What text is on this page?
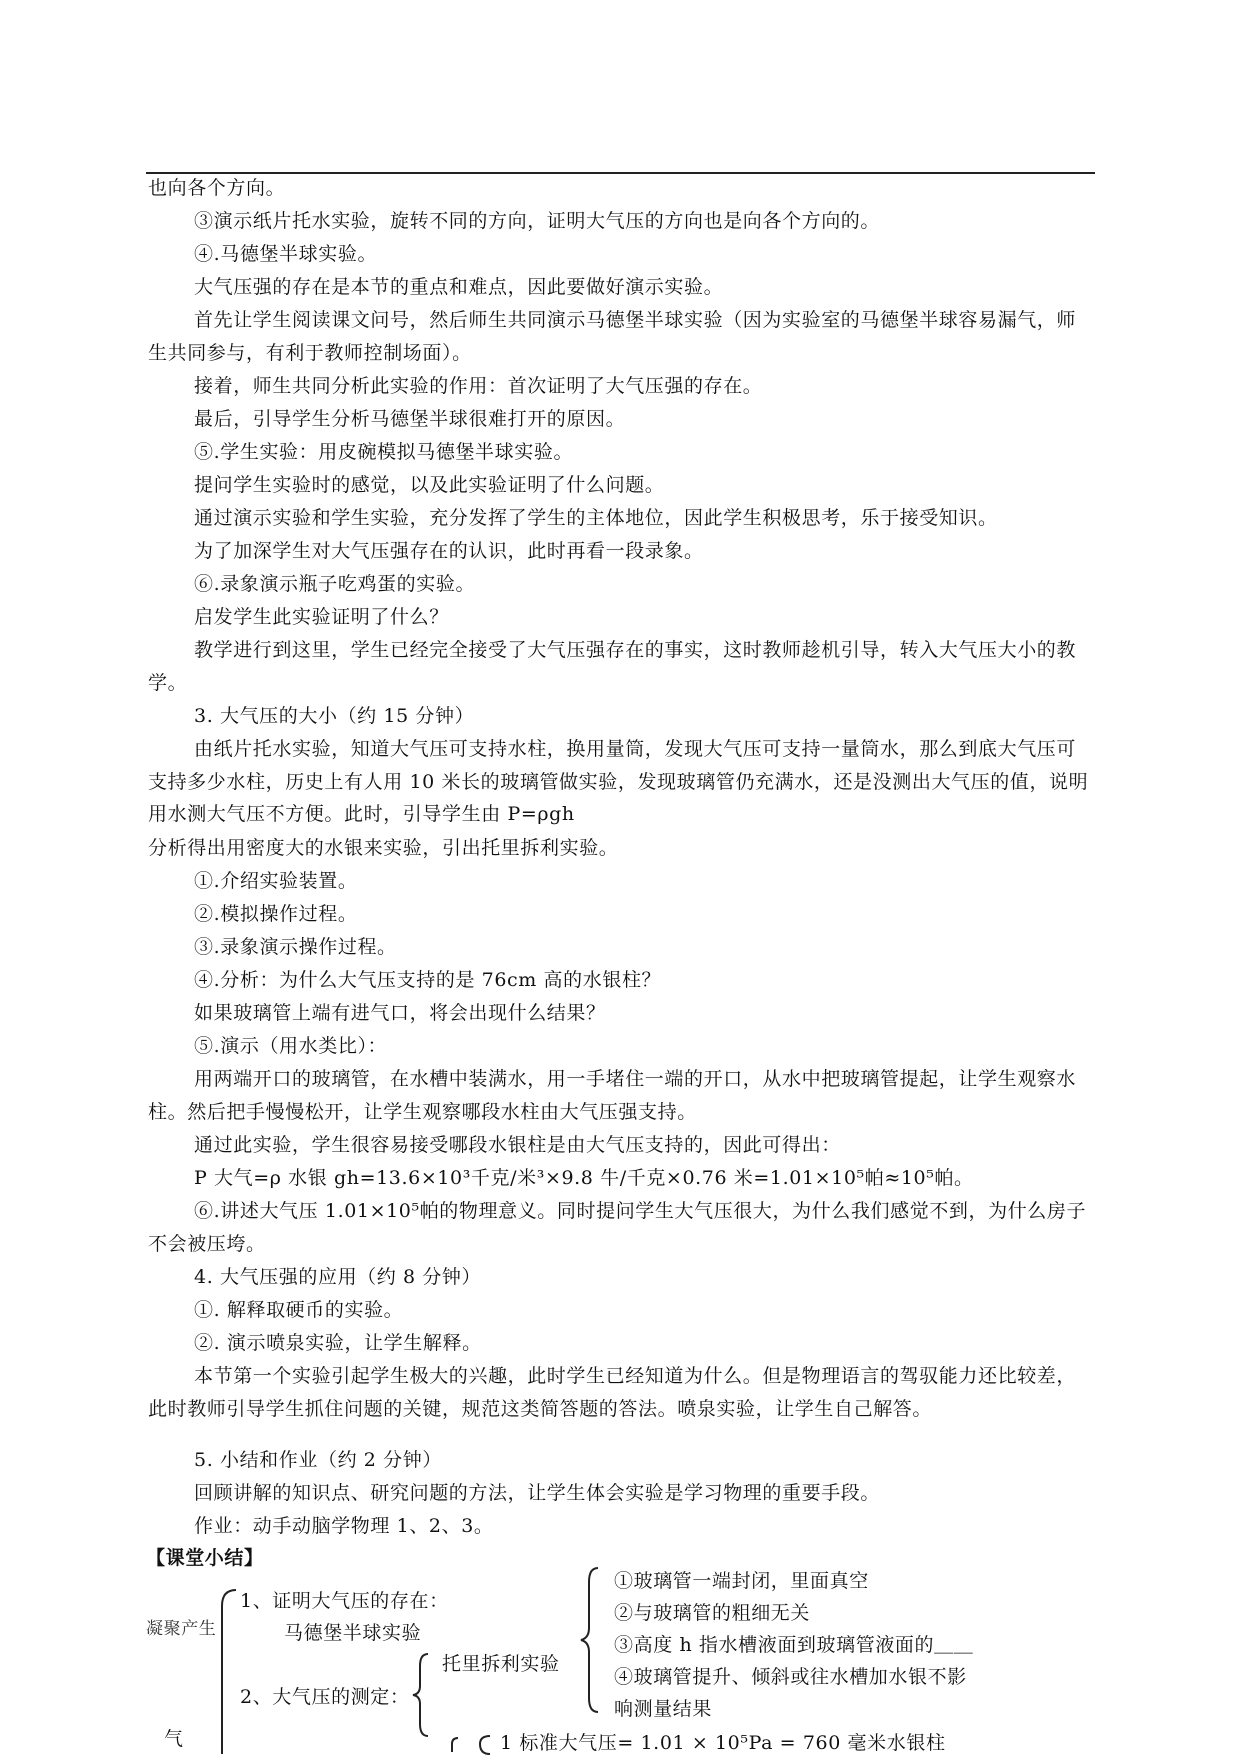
也向各个方向。
③演示纸片托水实验，旋转不同的方向，证明大气压的方向也是向各个方向的。
④.马德堡半球实验。
大气压强的存在是本节的重点和难点，因此要做好演示实验。
首先让学生阅读课文问号，然后师生共同演示马德堡半球实验（因为实验室的马德堡半球容易漏气，师生共同参与，有利于教师控制场面）。
接着，师生共同分析此实验的作用：首次证明了大气压强的存在。
最后，引导学生分析马德堡半球很难打开的原因。
⑤.学生实验：用皮碗模拟马德堡半球实验。
提问学生实验时的感觉，以及此实验证明了什么问题。
通过演示实验和学生实验，充分发挥了学生的主体地位，因此学生积极思考，乐于接受知识。
为了加深学生对大气压强存在的认识，此时再看一段录象。
⑥.录象演示瓶子吃鸡蛋的实验。
启发学生此实验证明了什么？
教学进行到这里，学生已经完全接受了大气压强存在的事实，这时教师趁机引导，转入大气压大小的教学。
3. 大气压的大小（约 15 分钟）
由纸片托水实验，知道大气压可支持水柱，换用量筒，发现大气压可支持一量筒水，那么到底大气压可支持多少水柱，历史上有人用 10 米长的玻璃管做实验，发现玻璃管仍充满水，还是没测出大气压的值，说明用水测大气压不方便。此时，引导学生由 P=ρgh
分析得出用密度大的水银来实验，引出托里拆利实验。
①.介绍实验装置。
②.模拟操作过程。
③.录象演示操作过程。
④.分析：为什么大气压支持的是 76cm 高的水银柱？
如果玻璃管上端有进气口，将会出现什么结果？
⑤.演示（用水类比）：
用两端开口的玻璃管，在水槽中装满水，用一手堵住一端的开口，从水中把玻璃管提起，让学生观察水柱。然后把手慢慢松开，让学生观察哪段水柱由大气压强支持。
通过此实验，学生很容易接受哪段水银柱是由大气压支持的，因此可得出：
P 大气=ρ 水银 gh=13.6×10³千克/米³×9.8 牛/千克×0.76 米=1.01×10⁵帕≈10⁵帕。
⑥.讲述大气压 1.01×10⁵帕的物理意义。同时提问学生大气压很大，为什么我们感觉不到，为什么房子不会被压垮。
4. 大气压强的应用（约 8 分钟）
①. 解释取硬币的实验。
②. 演示喷泉实验，让学生解释。
本节第一个实验引起学生极大的兴趣，此时学生已经知道为什么。但是物理语言的驾驭能力还比较差，此时教师引导学生抓住问题的关键，规范这类简答题的答法。喷泉实验，让学生自己解答。
5. 小结和作业（约 2 分钟）
回顾讲解的知识点、研究问题的方法，让学生体会实验是学习物理的重要手段。
作业：动手动脑学物理 1、2、3。
【课堂小结】
凝聚产生
气
1、证明大气压的存在：
马德堡半球实验
2、大气压的测定：
托里拆利实验
①玻璃管一端封闭，里面真空
②与玻璃管的粗细无关
③高度 h 指水槽液面到玻璃管液面的＿＿
④玻璃管提升、倾斜或往水槽加水银不影
响测量结果
1 标准大气压= 1.01 × 10⁵Pa = 760 毫米水银柱
